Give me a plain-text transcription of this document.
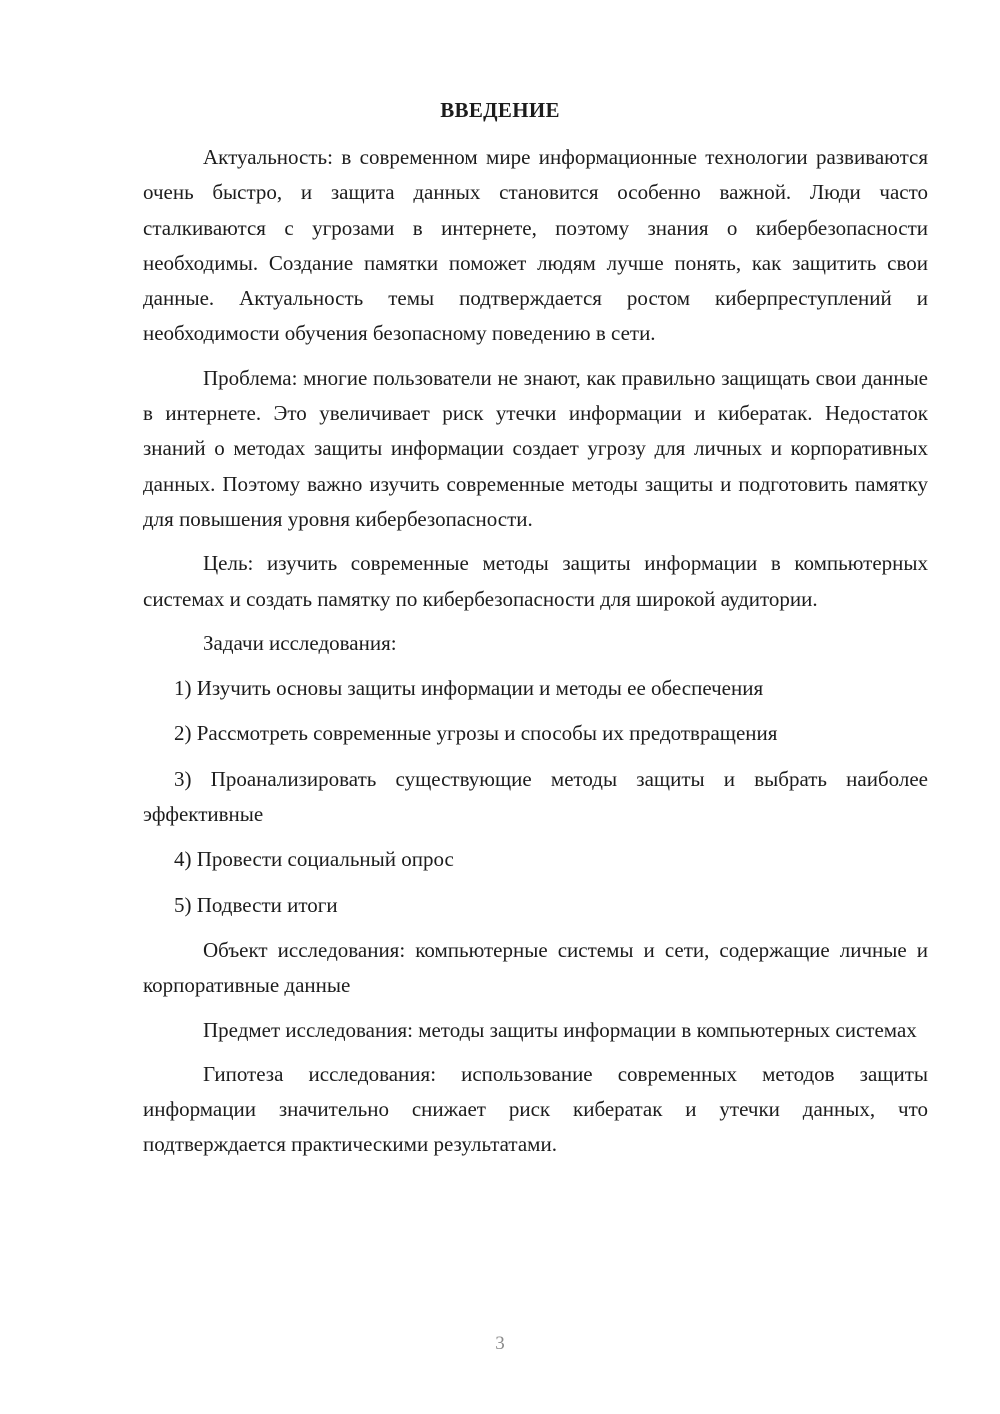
ВВЕДЕНИЕ

Актуальность: в современном мире информационные технологии развиваются очень быстро, и защита данных становится особенно важной. Люди часто сталкиваются с угрозами в интернете, поэтому знания о кибербезопасности необходимы. Создание памятки поможет людям лучше понять, как защитить свои данные. Актуальность темы подтверждается ростом киберпреступлений и необходимости обучения безопасному поведению в сети.

Проблема: многие пользователи не знают, как правильно защищать свои данные в интернете. Это увеличивает риск утечки информации и кибератак. Недостаток знаний о методах защиты информации создает угрозу для личных и корпоративных данных. Поэтому важно изучить современные методы защиты и подготовить памятку для повышения уровня кибербезопасности.

Цель: изучить современные методы защиты информации в компьютерных системах и создать памятку по кибербезопасности для широкой аудитории.

Задачи исследования:

1) Изучить основы защиты информации и методы ее обеспечения

2) Рассмотреть современные угрозы и способы их предотвращения

3) Проанализировать существующие методы защиты и выбрать наиболее эффективные

4) Провести социальный опрос

5) Подвести итоги

Объект исследования: компьютерные системы и сети, содержащие личные и корпоративные данные

Предмет исследования: методы защиты информации в компьютерных системах

Гипотеза исследования: использование современных методов защиты информации значительно снижает риск кибератак и утечки данных, что подтверждается практическими результатами.

3
